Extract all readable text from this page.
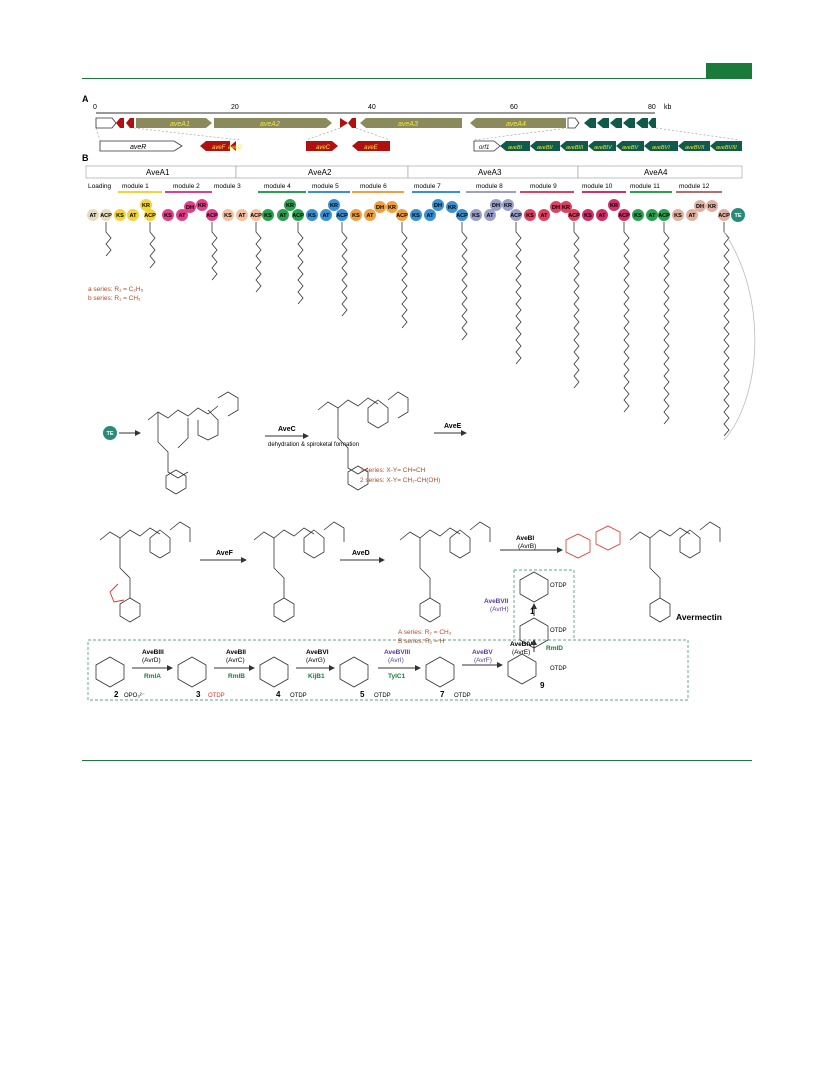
A
0	20	40	60	80 kb
aveA1	aveA2	aveA3	aveA4
aveR	aveF aveD	aveC	aveE	orf1	aveBI	aveBII aveBIII aveBIV aveBV	aveBVI	aveBVII aveBVIII
B
AveA1	AveA2	AveA3	AveA4
Loading module 1	module 2 module 3	module 4	module 5	module 6	module 7	module 8	module 9	module 10	module 11	module 12
AT ACP KS AT
KR
ACP KS AT
DH KR
ACP KS AT ACP KS AT
KR
ACP KS AT
KR
ACP KS AT
DH KR
ACP KS AT
DH KR
ACP KS AT
DH KR
ACP KS AT
DH KR
ACP KS AT
KR
ACP KS AT ACP KS AT
DH KR
ACP TE
a series: R₁ = C₂H₅
b series: R₁ = CH₃
TE
AveC
dehydration & spiroketal formation
AveE
1 series: X-Y= CH=CH
2 series: X-Y= CH₂-CH(OH)
AveF	AveD
A series: R₂ = CH₃
B series: R₂ = H
AveBI
(AvrB)
Avermectin
AveBIII
(AvrD)
RmlA
AveBII
(AvrC)
RmlB
AveBVI
(AvrG)
KijB1
AveBVIII
(AvrI)
TylC1
AveBV
(AvrF)
AveBIV
(AvrE)
RmlD
AveBVII
(AvrH)
2	3	4	5	7
9
1
OPO₃²⁻	OTDP	OTDP	OTDP	OTDP
OTDP
OTDP
OTDP
